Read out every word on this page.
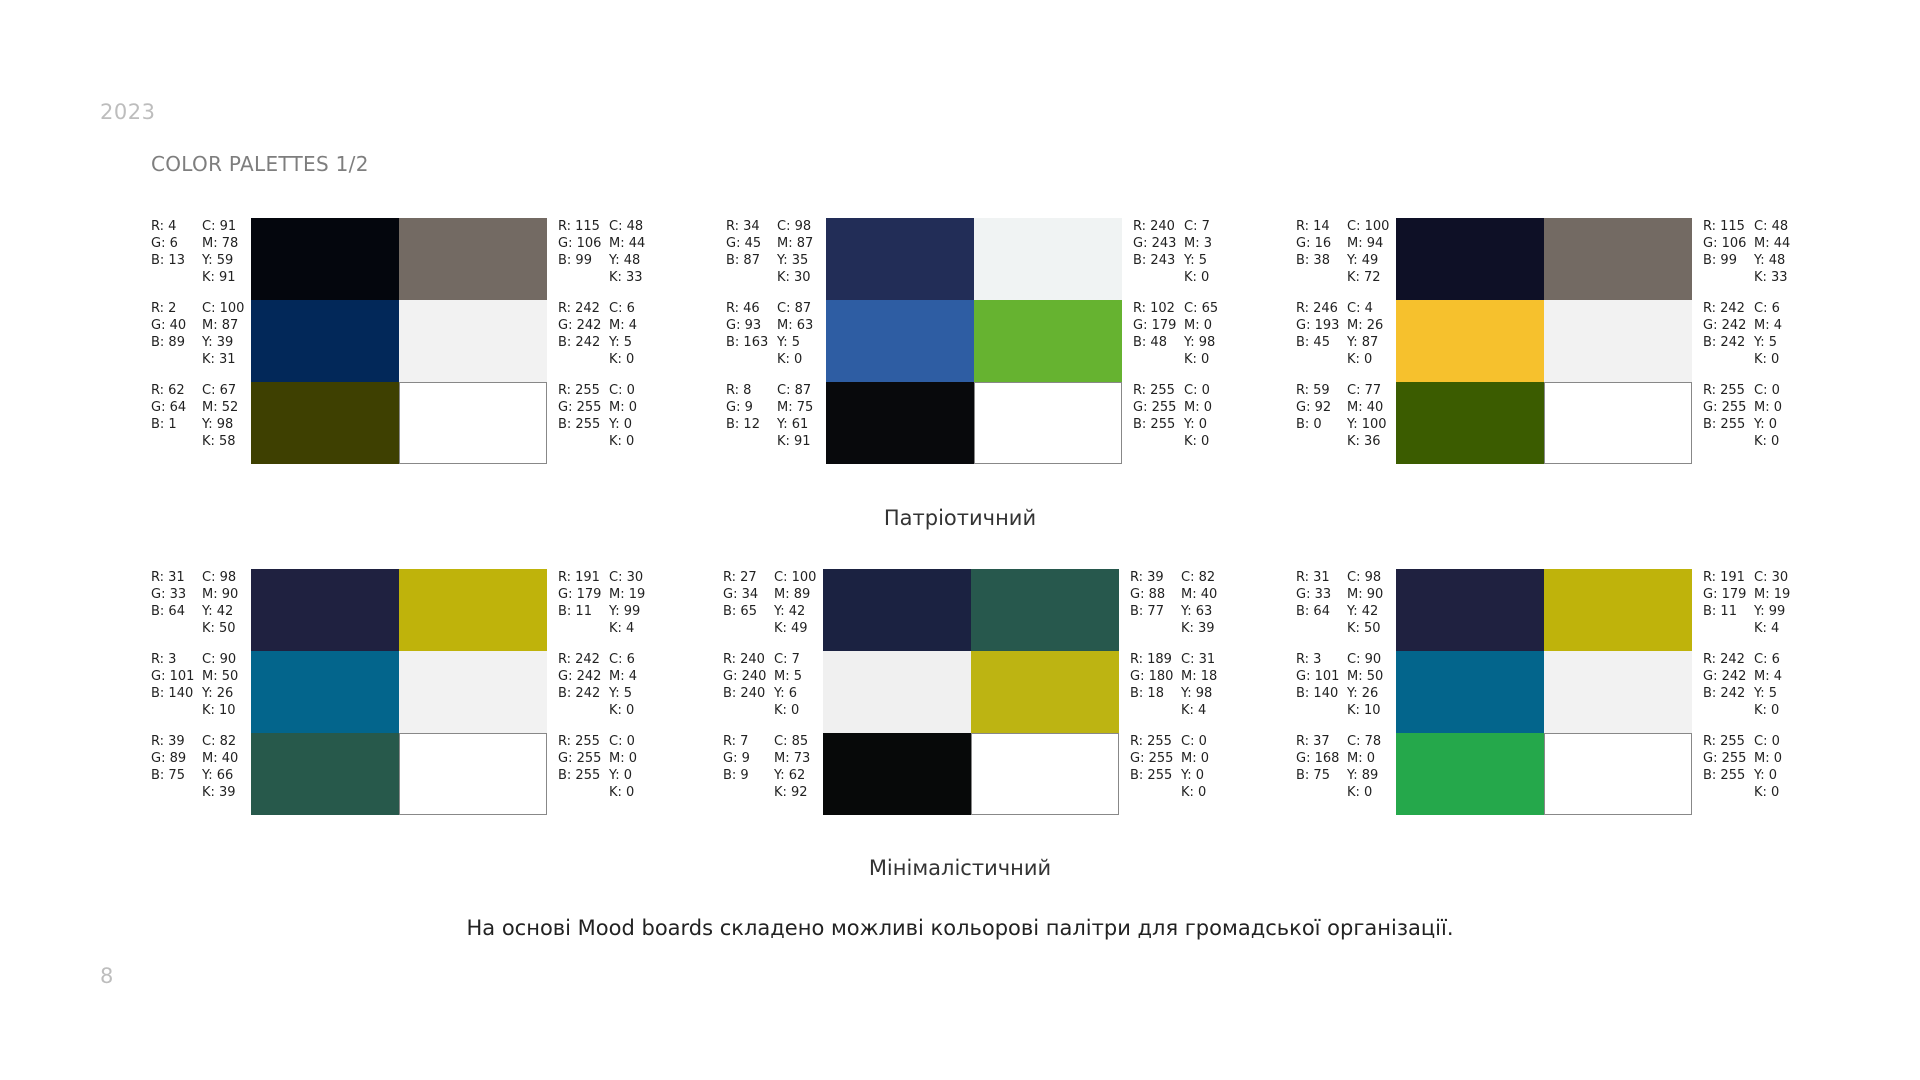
2023
COLOR PALETTES 1/2
R: 4
G: 6
B: 13
C: 91
M: 78
Y: 59
K: 91
R: 115
G: 106
B: 99
C: 48
M: 44
Y: 48
K: 33
R: 2
G: 40
B: 89
C: 100
M: 87
Y: 39
K: 31
R: 242
G: 242
B: 242
C: 6
M: 4
Y: 5
K: 0
R: 62
G: 64
B: 1
C: 67
M: 52
Y: 98
K: 58
R: 255
G: 255
B: 255
C: 0
M: 0
Y: 0
K: 0
R: 34
G: 45
B: 87
C: 98
M: 87
Y: 35
K: 30
R: 240
G: 243
B: 243
C: 7
M: 3
Y: 5
K: 0
R: 46
G: 93
B: 163
C: 87
M: 63
Y: 5
K: 0
R: 102
G: 179
B: 48
C: 65
M: 0
Y: 98
K: 0
R: 8
G: 9
B: 12
C: 87
M: 75
Y: 61
K: 91
R: 255
G: 255
B: 255
C: 0
M: 0
Y: 0
K: 0
R: 14
G: 16
B: 38
C: 100
M: 94
Y: 49
K: 72
R: 115
G: 106
B: 99
C: 48
M: 44
Y: 48
K: 33
R: 246
G: 193
B: 45
C: 4
M: 26
Y: 87
K: 0
R: 242
G: 242
B: 242
C: 6
M: 4
Y: 5
K: 0
R: 59
G: 92
B: 0
C: 77
M: 40
Y: 100
K: 36
R: 255
G: 255
B: 255
C: 0
M: 0
Y: 0
K: 0
Патріотичний
R: 31
G: 33
B: 64
C: 98
M: 90
Y: 42
K: 50
R: 191
G: 179
B: 11
C: 30
M: 19
Y: 99
K: 4
R: 3
G: 101
B: 140
C: 90
M: 50
Y: 26
K: 10
R: 242
G: 242
B: 242
C: 6
M: 4
Y: 5
K: 0
R: 39
G: 89
B: 75
C: 82
M: 40
Y: 66
K: 39
R: 255
G: 255
B: 255
C: 0
M: 0
Y: 0
K: 0
R: 27
G: 34
B: 65
C: 100
M: 89
Y: 42
K: 49
R: 39
G: 88
B: 77
C: 82
M: 40
Y: 63
K: 39
R: 240
G: 240
B: 240
C: 7
M: 5
Y: 6
K: 0
R: 189
G: 180
B: 18
C: 31
M: 18
Y: 98
K: 4
R: 7
G: 9
B: 9
C: 85
M: 73
Y: 62
K: 92
R: 255
G: 255
B: 255
C: 0
M: 0
Y: 0
K: 0
R: 31
G: 33
B: 64
C: 98
M: 90
Y: 42
K: 50
R: 191
G: 179
B: 11
C: 30
M: 19
Y: 99
K: 4
R: 3
G: 101
B: 140
C: 90
M: 50
Y: 26
K: 10
R: 242
G: 242
B: 242
C: 6
M: 4
Y: 5
K: 0
R: 37
G: 168
B: 75
C: 78
M: 0
Y: 89
K: 0
R: 255
G: 255
B: 255
C: 0
M: 0
Y: 0
K: 0
Мінімалістичний
На основі Mood boards складено можливі кольорові палітри для громадської організації.
8
